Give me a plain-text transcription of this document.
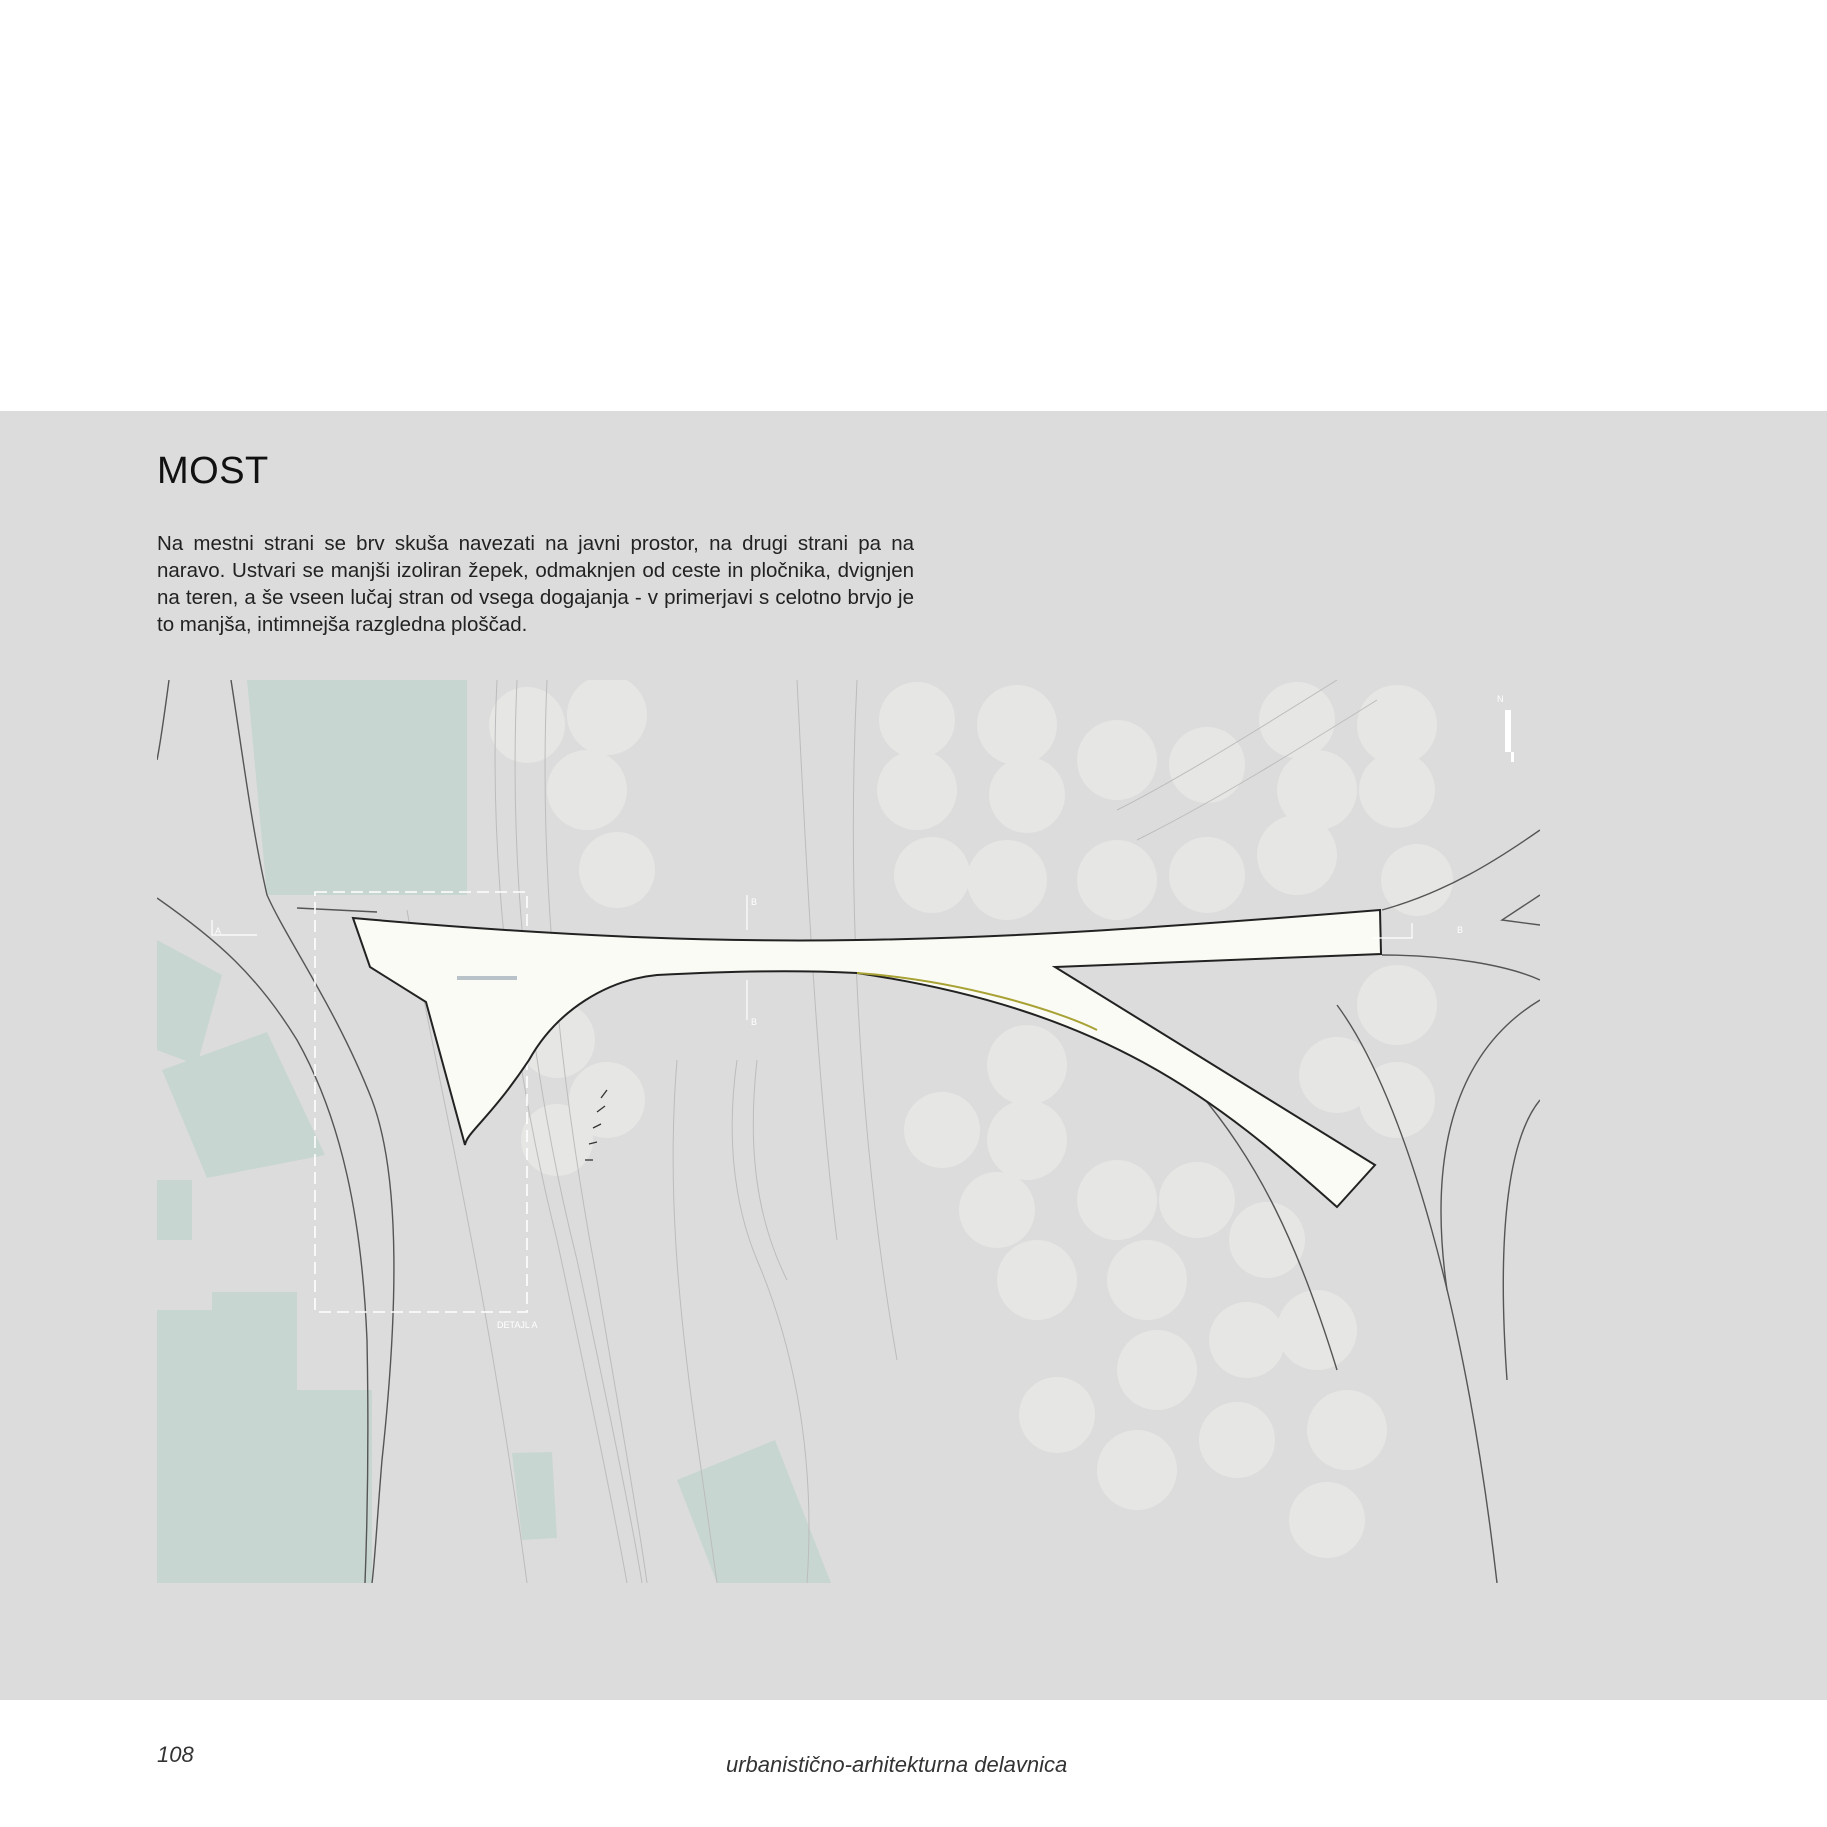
MOST

Na mestni strani se brv skuša navezati na javni prostor, na drugi strani pa na naravo. Ustvari se manjši izoliran žepek, odmaknjen od ceste in pločnika, dvignjen na teren, a še vseen lučaj stran od vsega dogajanja - v primerjavi s celotno brvjo je to manjša, intimnejša razgledna ploščad.

A	B
B
B
DETAJL A
N
108	urbanistično-arhitekturna delavnica
